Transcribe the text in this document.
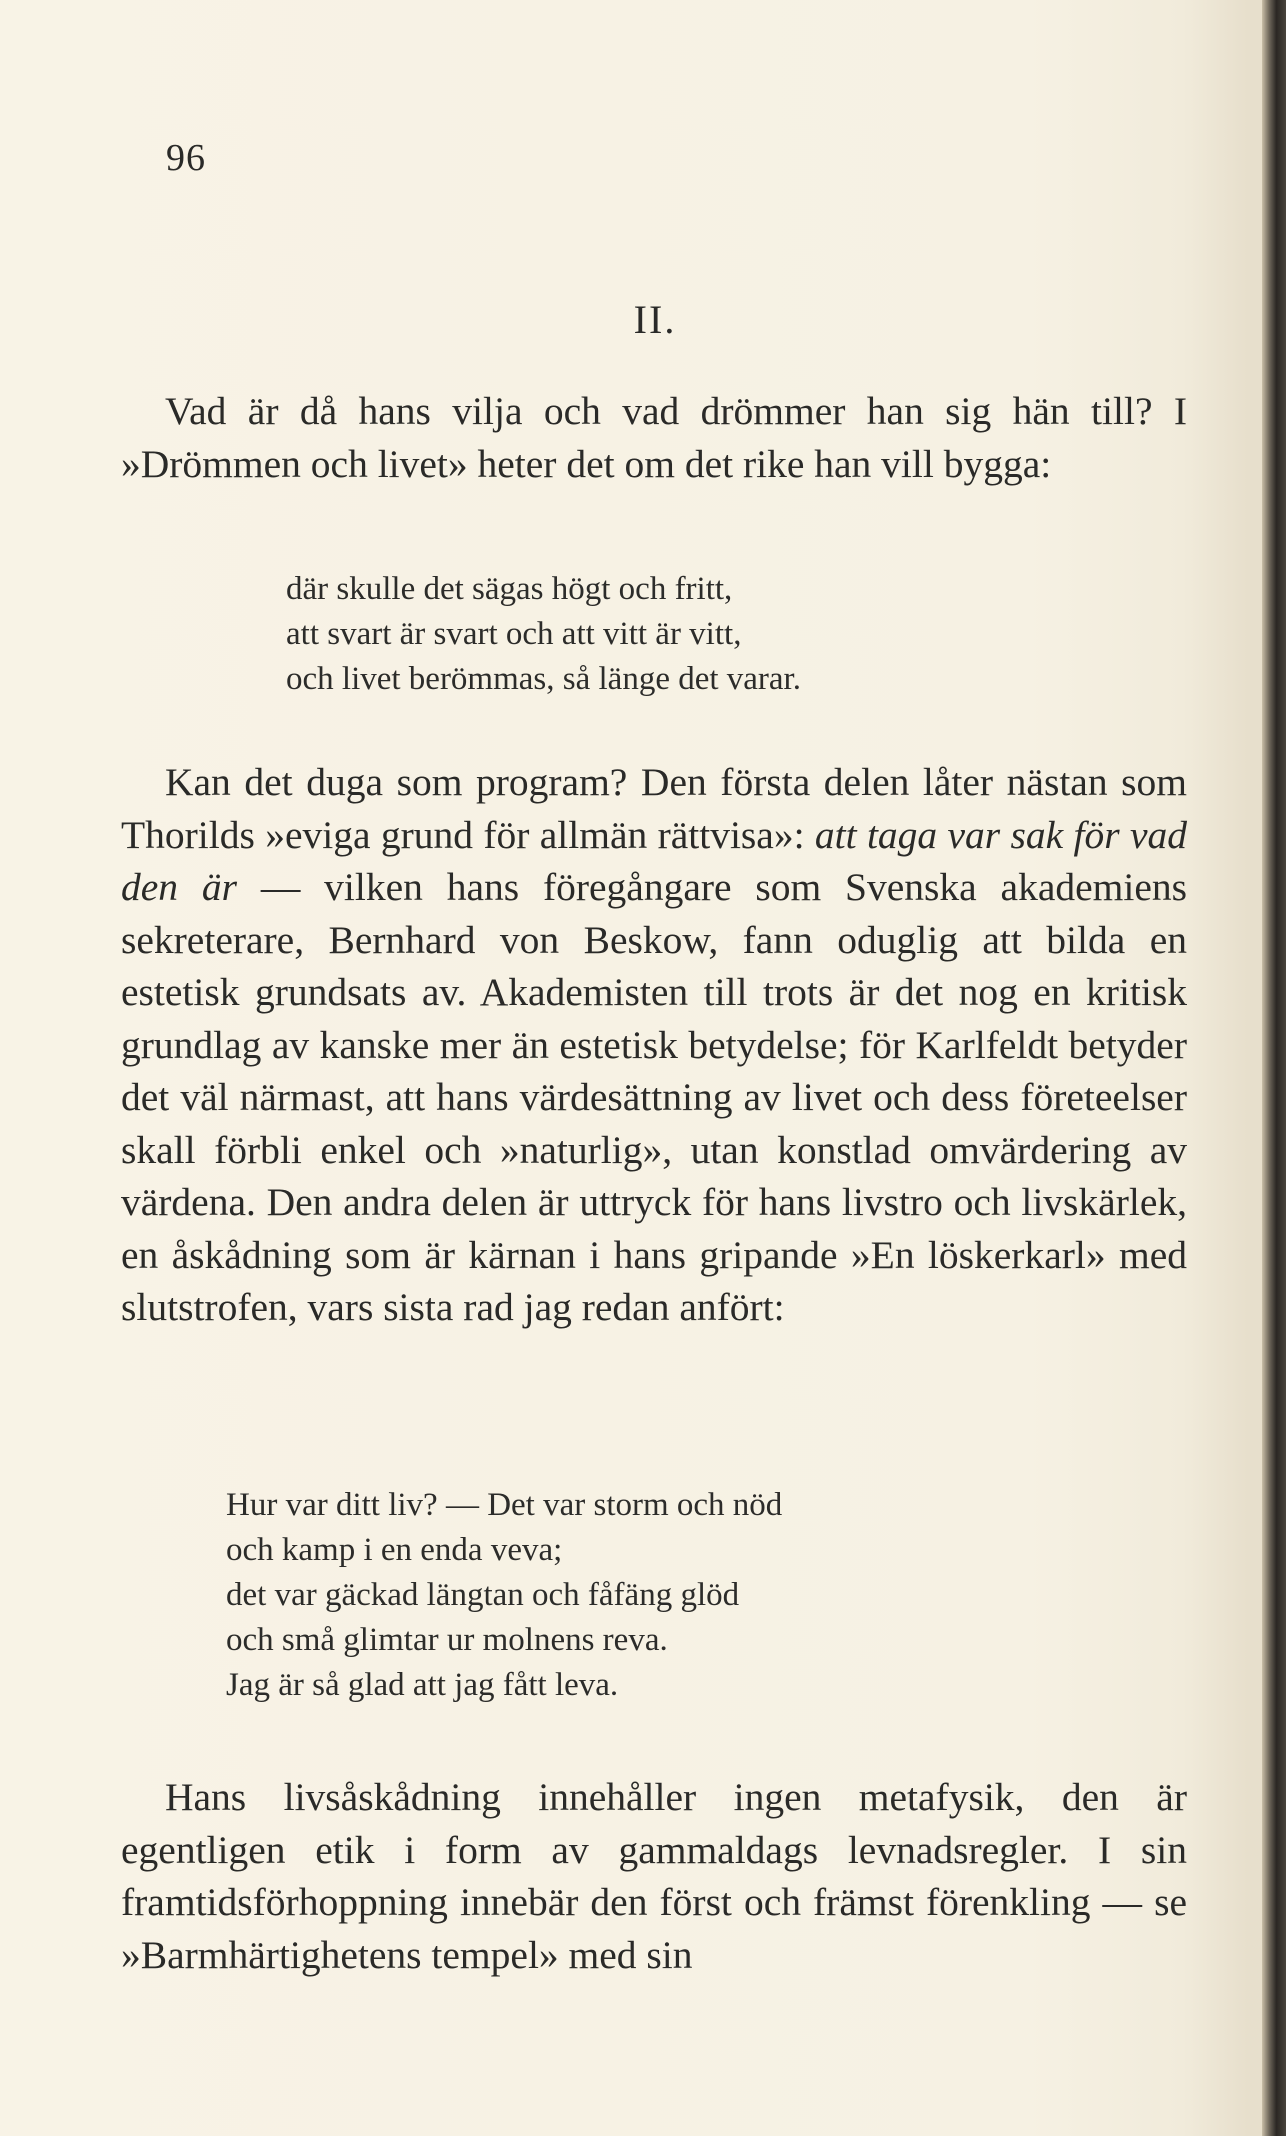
96
II.

Vad är då hans vilja och vad drömmer han sig hän till? I »Drömmen och livet» heter det om det rike han vill bygga:

där skulle det sägas högt och fritt,
att svart är svart och att vitt är vitt,
och livet berömmas, så länge det varar.

Kan det duga som program? Den första delen låter nästan som Thorilds »eviga grund för allmän rättvisa»: att taga var sak för vad den är — vilken hans föregångare som Svenska akademiens sekreterare, Bernhard von Beskow, fann oduglig att bilda en estetisk grundsats av. Akademisten till trots är det nog en kritisk grundlag av kanske mer än estetisk betydelse; för Karlfeldt betyder det väl närmast, att hans värdesättning av livet och dess företeelser skall förbli enkel och »naturlig», utan konstlad omvärdering av värdena. Den andra delen är uttryck för hans livstro och livskärlek, en åskådning som är kärnan i hans gripande »En löskerkarl» med slutstrofen, vars sista rad jag redan anfört:

Hur var ditt liv? — Det var storm och nöd
och kamp i en enda veva;
det var gäckad längtan och fåfäng glöd
och små glimtar ur molnens reva.
Jag är så glad att jag fått leva.

Hans livsåskådning innehåller ingen metafysik, den är egentligen etik i form av gammaldags levnadsregler. I sin framtidsförhoppning innebär den först och främst förenkling — se »Barmhärtighetens tempel» med sin
